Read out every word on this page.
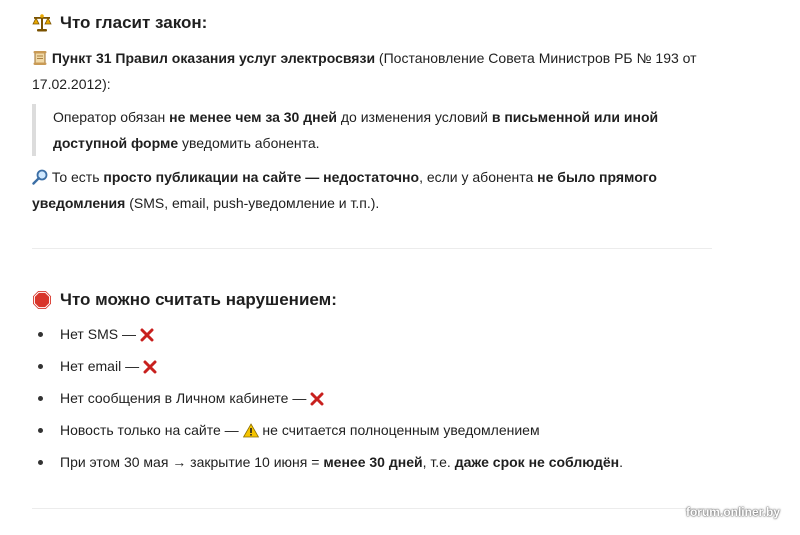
Что гласит закон:
Пункт 31 Правил оказания услуг электросвязи (Постановление Совета Министров РБ № 193 от 17.02.2012):
Оператор обязан не менее чем за 30 дней до изменения условий в письменной или иной доступной форме уведомить абонента.
То есть просто публикации на сайте — недостаточно, если у абонента не было прямого уведомления (SMS, email, push-уведомление и т.п.).
Что можно считать нарушением:
Нет SMS —
Нет email —
Нет сообщения в Личном кабинете —
Новость только на сайте —  не считается полноценным уведомлением
При этом 30 мая → закрытие 10 июня = менее 30 дней, т.е. даже срок не соблюдён.
forum.onliner.by
